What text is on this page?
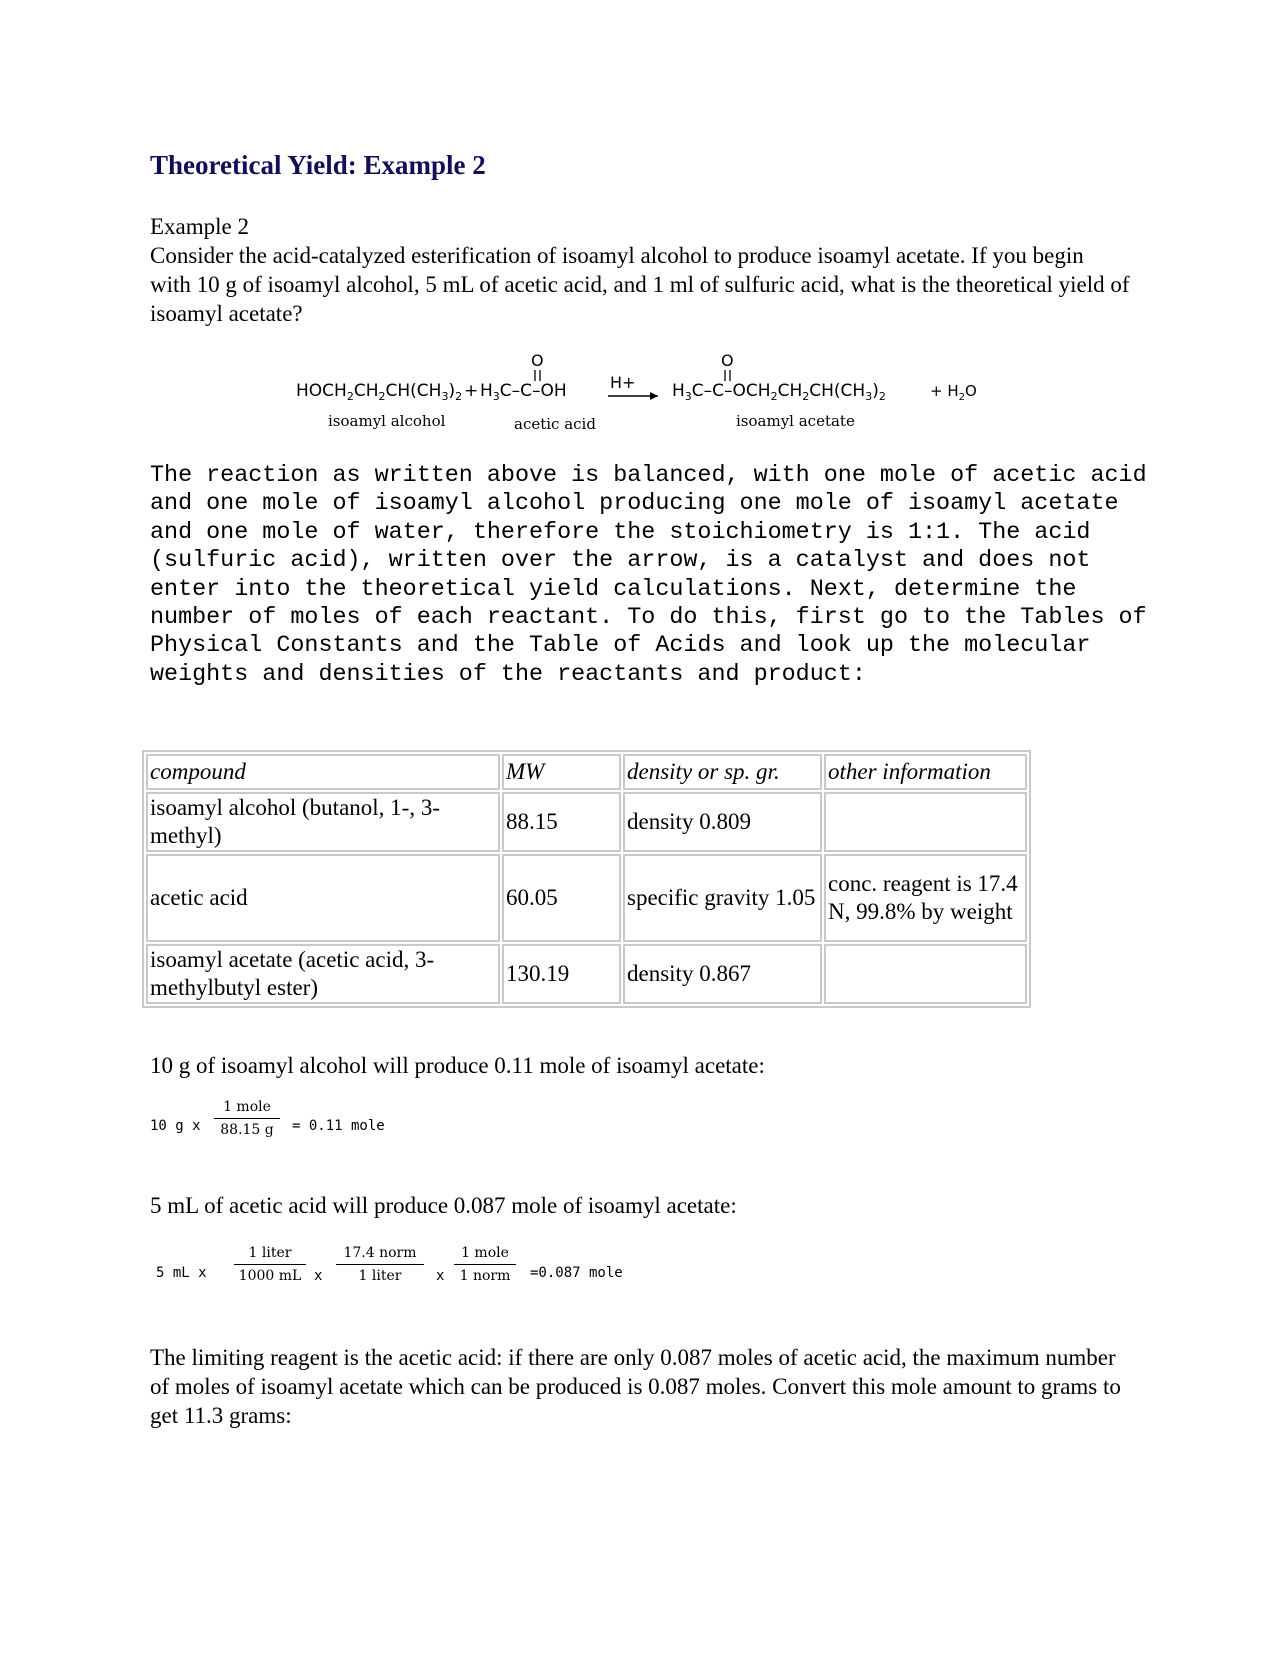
Theoretical Yield: Example 2
Example 2
Consider the acid-catalyzed esterification of isoamyl alcohol to produce isoamyl acetate. If you begin with 10 g of isoamyl alcohol, 5 mL of acetic acid, and 1 ml of sulfuric acid, what is the theoretical yield of isoamyl acetate?
$HOCH_2CH_2CH(CH_3)_2 + H_3C-C-OH$
O
$H+ H_3C-C-OCH_2CH_2CH(CH_3)_2$
O
+ $H_2O$
isoamyl alcohol	acetic acid	isoamyl acetate
The reaction as written above is balanced, with one mole of acetic acid and one mole of isoamyl alcohol producing one mole of isoamyl acetate and one mole of water, therefore the stoichiometry is 1:1. The acid (sulfuric acid), written over the arrow, is a catalyst and does not enter into the theoretical yield calculations. Next, determine the number of moles of each reactant. To do this, first go to the Tables of Physical Constants and the Table of Acids and look up the molecular weights and densities of the reactants and product:
compound	MW	density or sp. gr.	other information
isoamyl alcohol (butanol, 1-, 3-methyl)	88.15	density 0.809	
acetic acid	60.05	specific gravity 1.05	conc. reagent is 17.4 N, 99.8% by weight
isoamyl acetate (acetic acid, 3-methylbutyl ester)	130.19	density 0.867	
10 g of isoamyl alcohol will produce 0.11 mole of isoamyl acetate:
10 g x
1 mole
88.15 g	= 0.11 mole
5 mL of acetic acid will produce 0.087 mole of isoamyl acetate:
5 mL x
1 liter
1000 mL x
17.4 norm
1 liter	x
1 mole
1 norm	=0.087 mole
The limiting reagent is the acetic acid: if there are only 0.087 moles of acetic acid, the maximum number of moles of isoamyl acetate which can be produced is 0.087 moles. Convert this mole amount to grams to get 11.3 grams:
